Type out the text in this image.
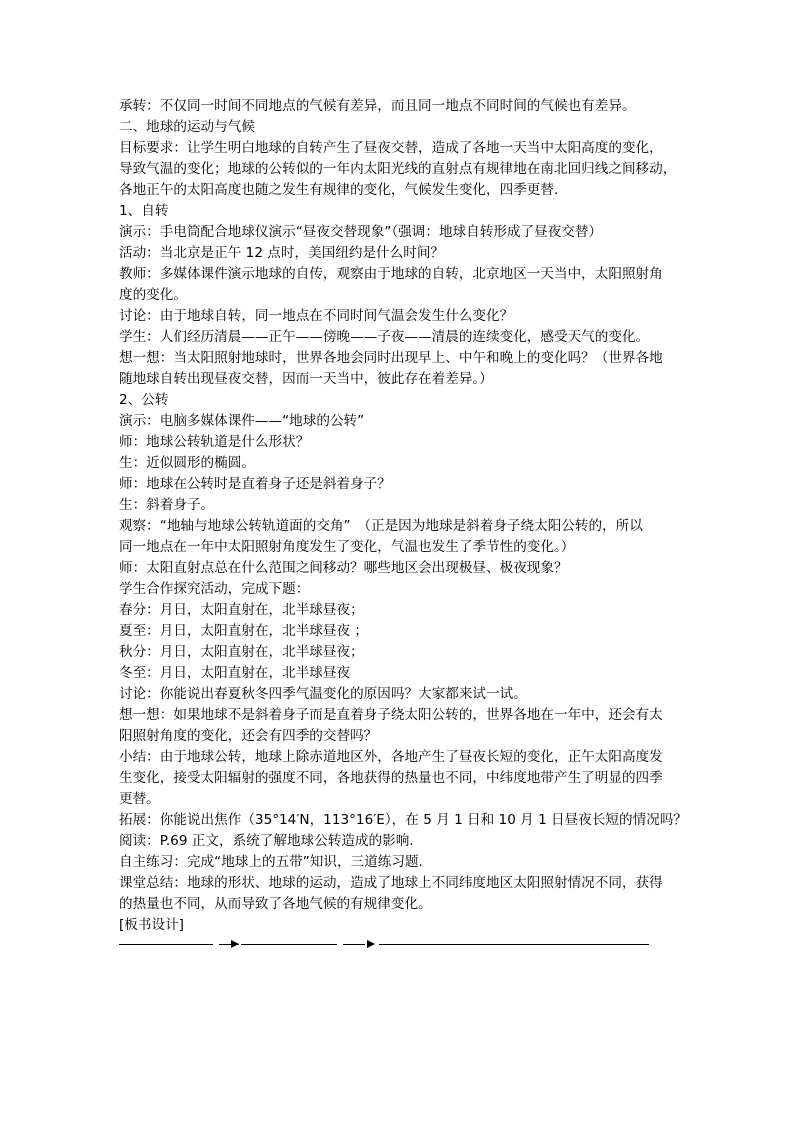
承转：不仅同一时间不同地点的气候有差异，而且同一地点不同时间的气候也有差异。
二、地球的运动与气候
目标要求：让学生明白地球的自转产生了昼夜交替，造成了各地一天当中太阳高度的变化，
导致气温的变化；地球的公转似的一年内太阳光线的直射点有规律地在南北回归线之间移动，
各地正午的太阳高度也随之发生有规律的变化，气候发生变化，四季更替.
1、自转
演示：手电筒配合地球仪演示“昼夜交替现象”（强调：地球自转形成了昼夜交替）
活动：当北京是正午 12 点时，美国纽约是什么时间？
教师：多媒体课件演示地球的自传，观察由于地球的自转，北京地区一天当中，太阳照射角
度的变化。
讨论：由于地球自转，同一地点在不同时间气温会发生什么变化？
学生：人们经历清晨——正午——傍晚——子夜——清晨的连续变化，感受天气的变化。
想一想：当太阳照射地球时，世界各地会同时出现早上、中午和晚上的变化吗？（世界各地
随地球自转出现昼夜交替，因而一天当中，彼此存在着差异。）
2、公转
演示：电脑多媒体课件——“地球的公转”
师：地球公转轨道是什么形状？
生：近似圆形的椭圆。
师：地球在公转时是直着身子还是斜着身子？
生：斜着身子。
观察：“地轴与地球公转轨道面的交角”　（正是因为地球是斜着身子绕太阳公转的，所以
同一地点在一年中太阳照射角度发生了变化，气温也发生了季节性的变化。）
师：太阳直射点总在什么范围之间移动？哪些地区会出现极昼、极夜现象？
学生合作探究活动，完成下题：
春分：月日，太阳直射在，北半球昼夜；
夏至：月日，太阳直射在，北半球昼夜 ；
秋分：月日，太阳直射在，北半球昼夜；
冬至：月日，太阳直射在，北半球昼夜
讨论：你能说出春夏秋冬四季气温变化的原因吗？大家都来试一试。
想一想：如果地球不是斜着身子而是直着身子绕太阳公转的，世界各地在一年中，还会有太
阳照射角度的变化，还会有四季的交替吗？
小结：由于地球公转，地球上除赤道地区外，各地产生了昼夜长短的变化，正午太阳高度发
生变化，接受太阳辐射的强度不同，各地获得的热量也不同，中纬度地带产生了明显的四季
更替。
拓展：你能说出焦作（35°14′N，113°16′E），在 5 月 1 日和 10 月 1 日昼夜长短的情况吗？
阅读：P.69 正文，系统了解地球公转造成的影响.
自主练习：完成“地球上的五带”知识，三道练习题.
课堂总结：地球的形状、地球的运动，造成了地球上不同纬度地区太阳照射情况不同，获得
的热量也不同，从而导致了各地气候的有规律变化。
[板书设计]
